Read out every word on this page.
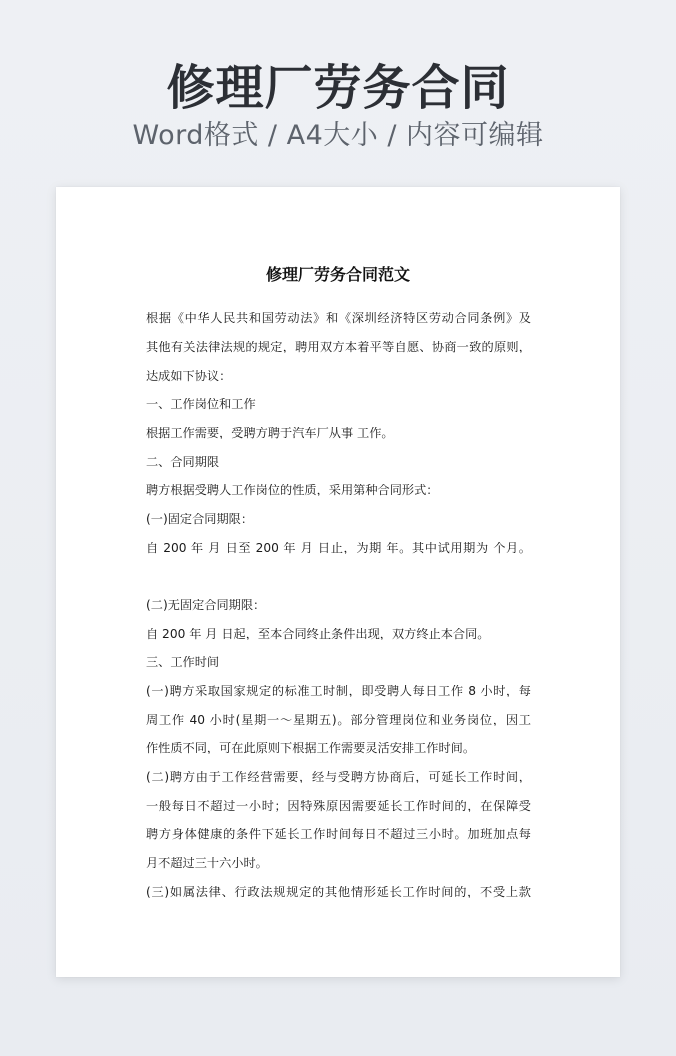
修理厂劳务合同
Word格式 / A4大小 / 内容可编辑
修理厂劳务合同范文
根据《中华人民共和国劳动法》和《深圳经济特区劳动合同条例》及
其他有关法律法规的规定，聘用双方本着平等自愿、协商一致的原则，
达成如下协议：
一、工作岗位和工作
根据工作需要，受聘方聘于汽车厂从事 工作。
二、合同期限
聘方根据受聘人工作岗位的性质，采用第种合同形式：
(一)固定合同期限：
自 200 年 月 日至 200 年 月 日止，为期 年。其中试用期为 个月。
(二)无固定合同期限：
自 200 年 月 日起，至本合同终止条件出现，双方终止本合同。
三、工作时间
(一)聘方采取国家规定的标准工时制，即受聘人每日工作 8 小时，每
周工作 40 小时(星期一～星期五)。部分管理岗位和业务岗位，因工
作性质不同，可在此原则下根据工作需要灵活安排工作时间。
(二)聘方由于工作经营需要，经与受聘方协商后，可延长工作时间，
一般每日不超过一小时；因特殊原因需要延长工作时间的，在保障受
聘方身体健康的条件下延长工作时间每日不超过三小时。加班加点每
月不超过三十六小时。
(三)如属法律、行政法规规定的其他情形延长工作时间的，不受上款
